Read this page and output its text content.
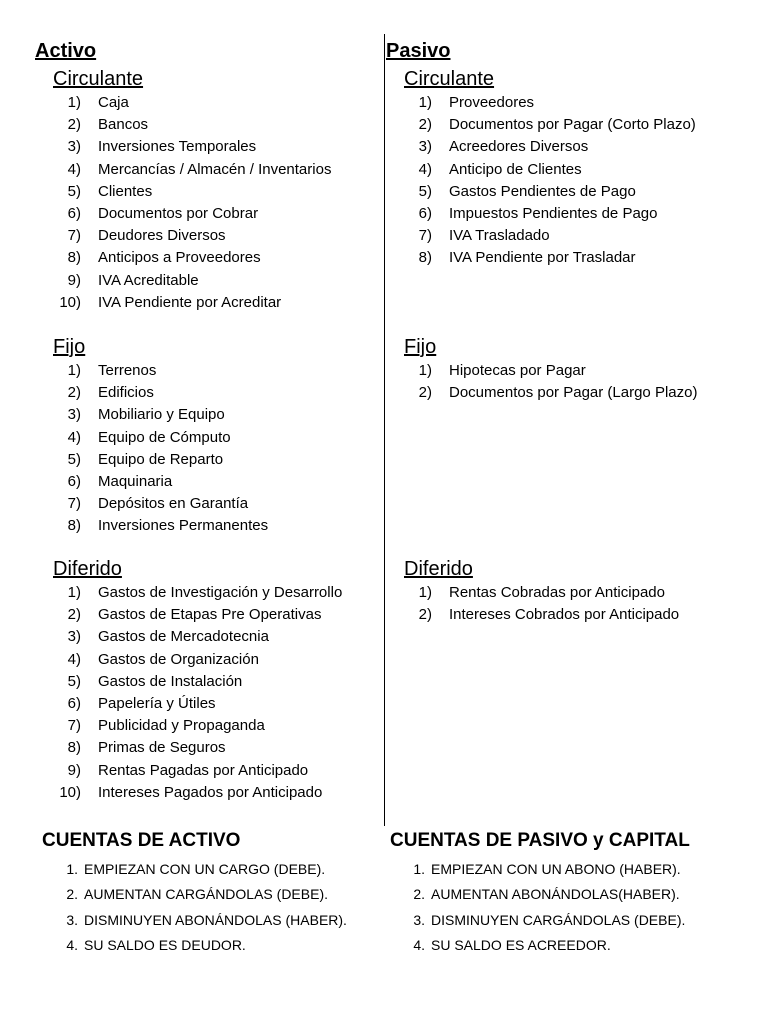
Activo
Circulante
1) Caja
2) Bancos
3) Inversiones Temporales
4) Mercancías / Almacén / Inventarios
5) Clientes
6) Documentos por Cobrar
7) Deudores Diversos
8) Anticipos a Proveedores
9) IVA Acreditable
10) IVA Pendiente por Acreditar
Fijo
1) Terrenos
2) Edificios
3) Mobiliario y Equipo
4) Equipo de Cómputo
5) Equipo de Reparto
6) Maquinaria
7) Depósitos en Garantía
8) Inversiones Permanentes
Diferido
1) Gastos de Investigación y Desarrollo
2) Gastos de Etapas Pre Operativas
3) Gastos de Mercadotecnia
4) Gastos de Organización
5) Gastos de Instalación
6) Papelería y Útiles
7) Publicidad y Propaganda
8) Primas de Seguros
9) Rentas Pagadas por Anticipado
10) Intereses Pagados por Anticipado
Pasivo
Circulante
1) Proveedores
2) Documentos por Pagar (Corto Plazo)
3) Acreedores Diversos
4) Anticipo de Clientes
5) Gastos Pendientes de Pago
6) Impuestos Pendientes de Pago
7) IVA Trasladado
8) IVA Pendiente por Trasladar
Fijo
1) Hipotecas por Pagar
2) Documentos por Pagar (Largo Plazo)
Diferido
1) Rentas Cobradas por Anticipado
2) Intereses Cobrados por Anticipado
CUENTAS DE ACTIVO
1. EMPIEZAN CON UN CARGO (DEBE).
2. AUMENTAN CARGÁNDOLAS (DEBE).
3. DISMINUYEN ABONÁNDOLAS (HABER).
4. SU SALDO ES DEUDOR.
CUENTAS DE PASIVO y CAPITAL
1. EMPIEZAN CON UN ABONO (HABER).
2. AUMENTAN ABONÁNDOLAS(HABER).
3. DISMINUYEN CARGÁNDOLAS (DEBE).
4. SU SALDO ES ACREEDOR.
